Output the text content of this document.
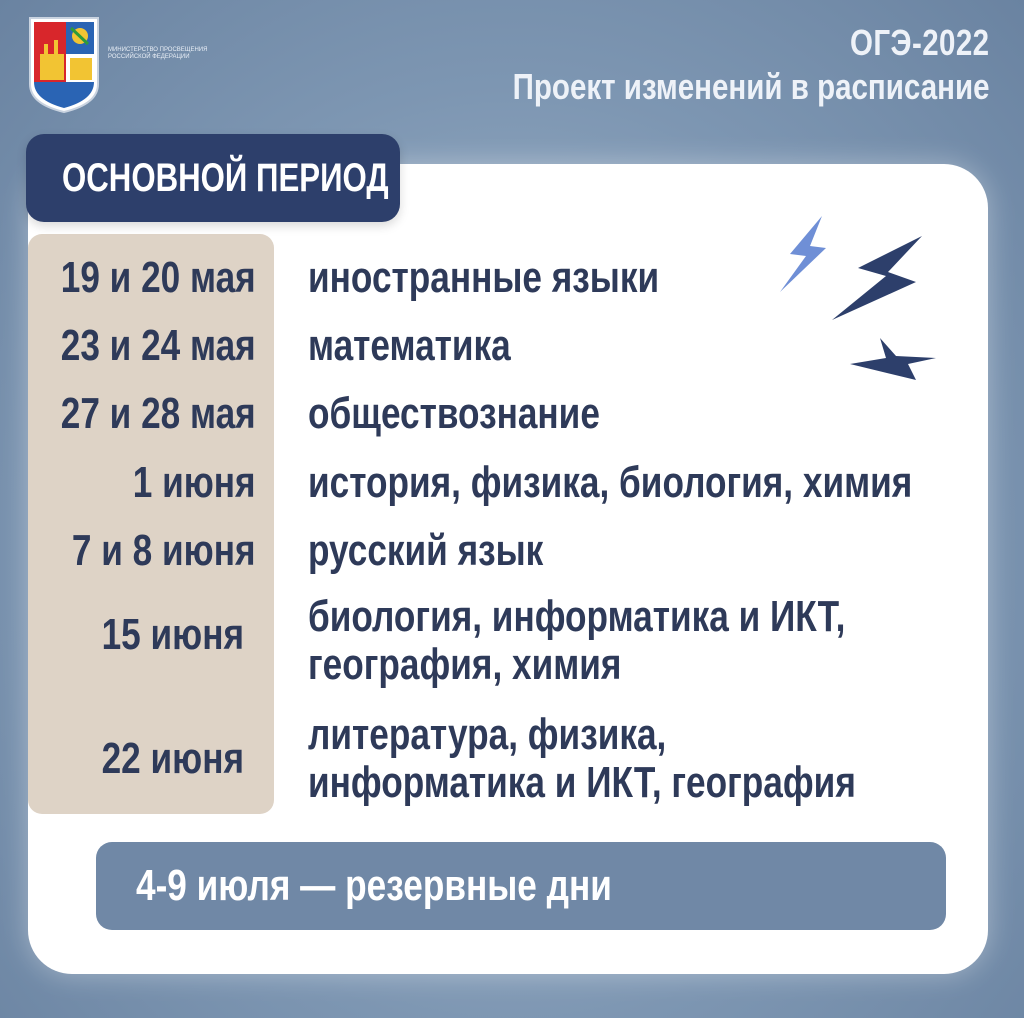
МИНИСТЕРСТВО ПРОСВЕЩЕНИЯ РОССИЙСКОЙ ФЕДЕРАЦИИ	ОГЭ-2022
Проект изменений в расписание
ОСНОВНОЙ ПЕРИОД
19 и 20 мая иностранные языки
23 и 24 мая математика
27 и 28 мая обществознание
1 июня история, физика, биология, химия
7 и 8 июня русский язык
15 июня биология, информатика и ИКТ,
география, химия
22 июня литература, физика,
информатика и ИКТ, география
4-9 июля — резервные дни
